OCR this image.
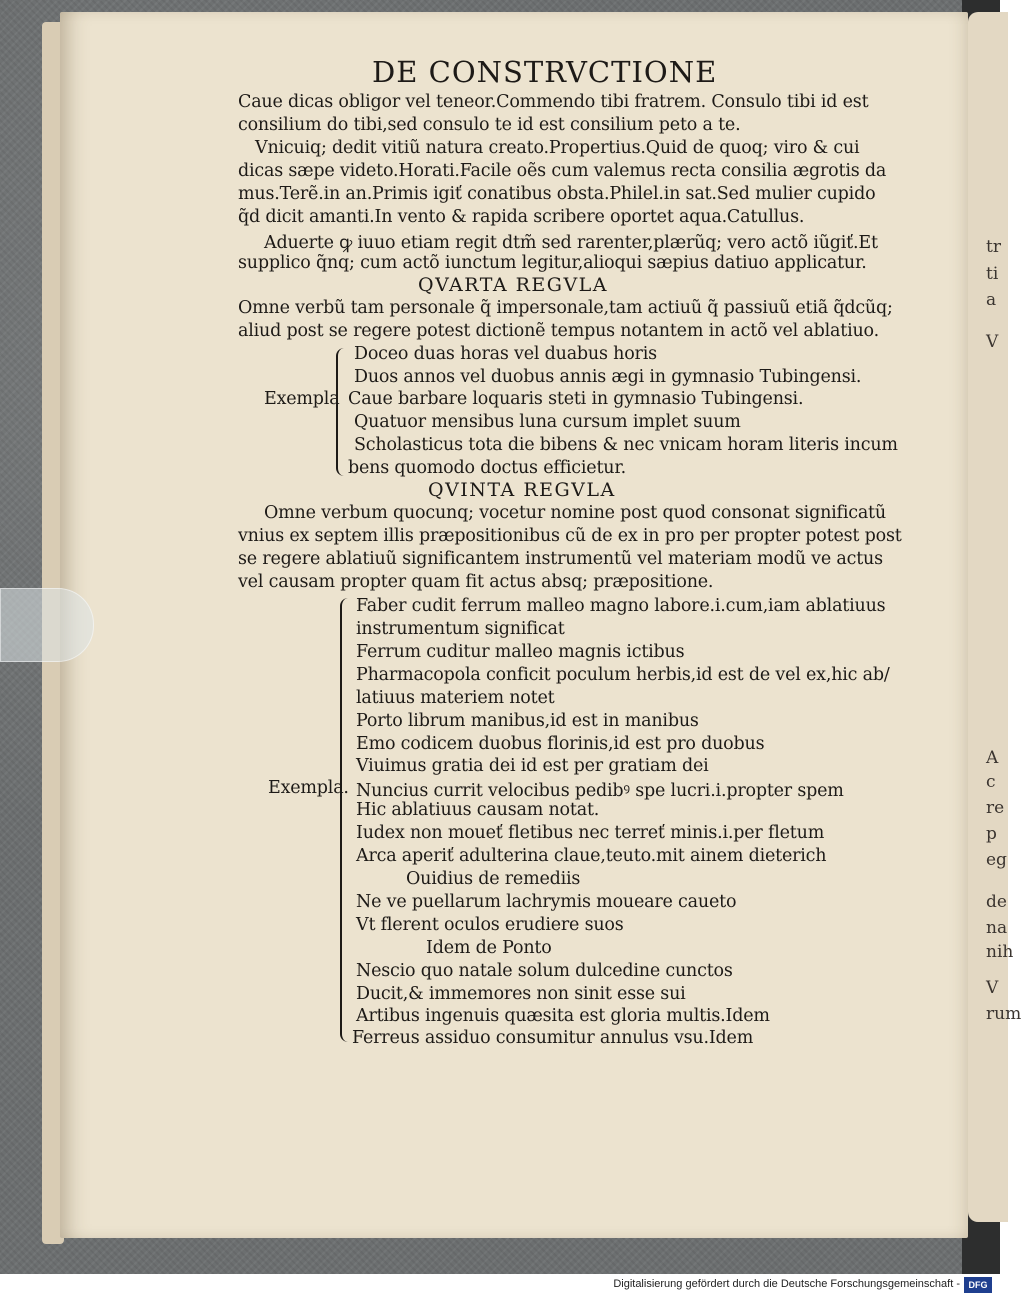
tr
ti
a
V
A
c
re
p
eg
de
na
nih
V
rum
DE CONSTRVCTIONE
Caue dicas obligor vel teneor.Commendo tibi fratrem. Consulo tibi id est
consilium do tibi,sed consulo te id est consilium peto a te.
Vnicuiq; dedit vitiũ natura creato.Propertius.Quid de quoq; viro & cui
dicas sæpe videto.Horati.Facile oẽs cum valemus recta consilia ægrotis da
mus.Terẽ.in an.Primis igiť conatibus obsta.Philel.in sat.Sed mulier cupido
q̃d dicit amanti.In vento & rapida scribere oportet aqua.Catullus.
Aduerte ꝙ iuuo etiam regit dtm̃ sed rarenter,plærũq; vero actõ iũgiť.Et
supplico q̃nq; cum actõ iunctum legitur,alioqui sæpius datiuo applicatur.
QVARTA REGVLA
Omne verbũ tam personale q̃ impersonale,tam actiuũ q̃ passiuũ etiã q̃dcũq;
aliud post se regere potest dictionẽ tempus notantem in actõ vel ablatiuo.
Exempla
Doceo duas horas vel duabus horis
Duos annos vel duobus annis ægi in gymnasio Tubingensi.
Caue barbare loquaris steti in gymnasio Tubingensi.
Quatuor mensibus luna cursum implet suum
Scholasticus tota die bibens & nec vnicam horam literis incum
bens quomodo doctus efficietur.
QVINTA REGVLA
Omne verbum quocunq; vocetur nomine post quod consonat significatũ
vnius ex septem illis præpositionibus cũ de ex in pro per propter potest post
se regere ablatiuũ significantem instrumentũ vel materiam modũ ve actus
vel causam propter quam fit actus absq; præpositione.
Exempla.
Faber cudit ferrum malleo magno labore.i.cum,iam ablatiuus
instrumentum significat
Ferrum cuditur malleo magnis ictibus
Pharmacopola conficit poculum herbis,id est de vel ex,hic ab/
latiuus materiem notet
Porto librum manibus,id est in manibus
Emo codicem duobus florinis,id est pro duobus
Viuimus gratia dei id est per gratiam dei
Nuncius currit velocibus pedibꝰ spe lucri.i.propter spem
Hic ablatiuus causam notat.
Iudex non moueť fletibus nec terreť minis.i.per fletum
Arca aperiť adulterina claue,teuto.mit ainem dieterich
Ouidius de remediis
Ne ve puellarum lachrymis moueare caueto
Vt flerent oculos erudiere suos
Idem de Ponto
Nescio quo natale solum dulcedine cunctos
Ducit,& immemores non sinit esse sui
Artibus ingenuis quæsita est gloria multis.Idem
Ferreus assiduo consumitur annulus vsu.Idem
Digitalisierung gefördert durch die Deutsche Forschungsgemeinschaft - DFG
